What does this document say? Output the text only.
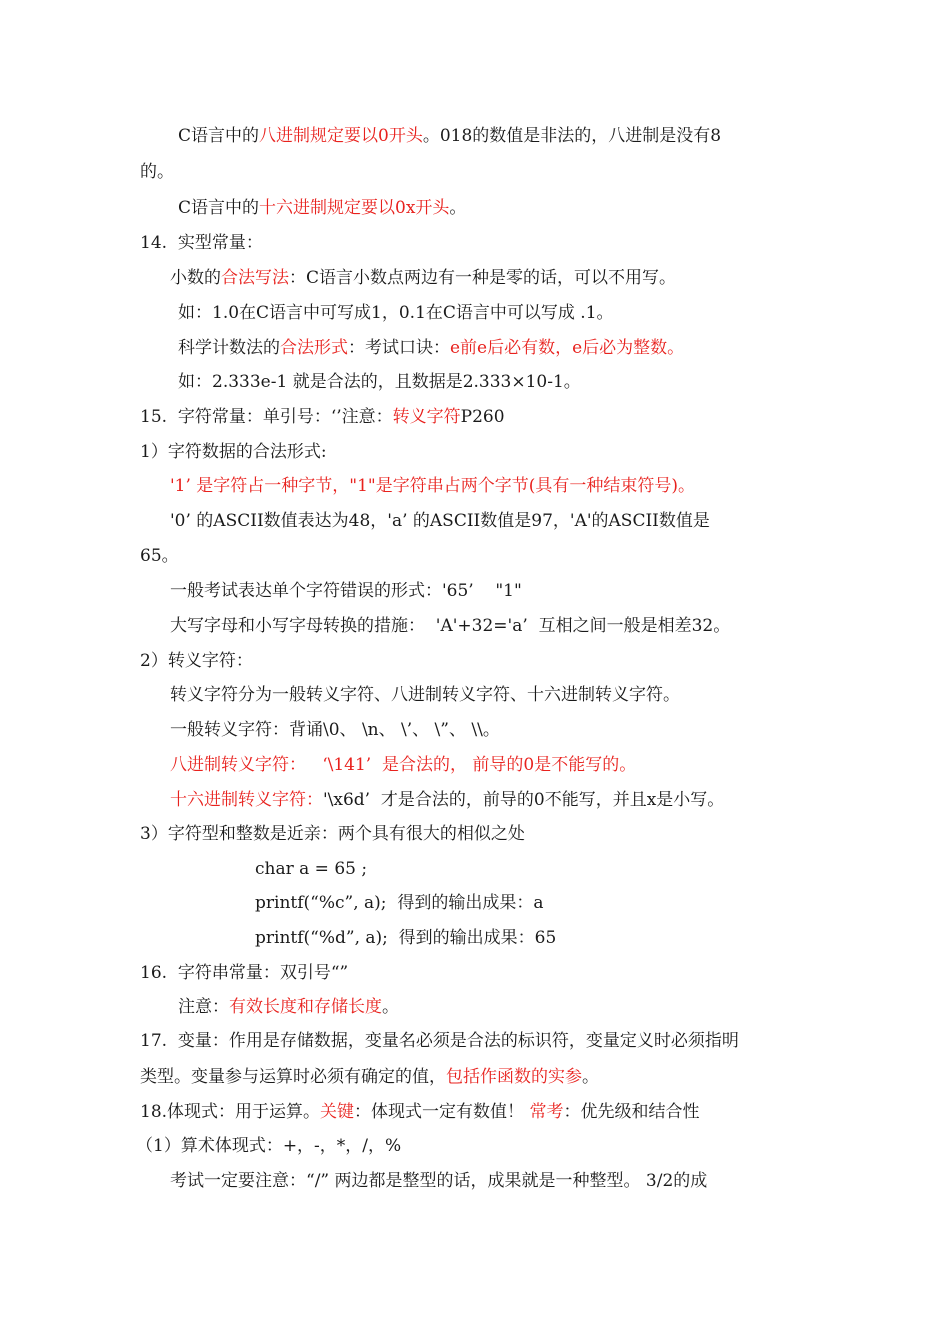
C语言中的八进制规定要以0开头。018的数值是非法的，八进制是没有8
的。
C语言中的十六进制规定要以0x开头。
14.  实型常量：
小数的合法写法：C语言小数点两边有一种是零的话，可以不用写。
如：1.0在C语言中可写成1，0.1在C语言中可以写成 .1。
科学计数法的合法形式：考试口诀：e前e后必有数，e后必为整数。
如：2.333e-1 就是合法的，且数据是2.333×10-1。
15.  字符常量：单引号：‘’注意：转义字符P260
1）字符数据的合法形式:
'1’ 是字符占一种字节，"1"是字符串占两个字节(具有一种结束符号)。
'0’ 的ASCII数值表达为48，'a’ 的ASCII数值是97，'A'的ASCII数值是
65。
一般考试表达单个字符错误的形式：'65’    "1"
大写字母和小写字母转换的措施：  'A'+32='a’  互相之间一般是相差32。
2）转义字符：
转义字符分为一般转义字符、八进制转义字符、十六进制转义字符。
一般转义字符：背诵\0、 \n、 \’、 \”、 \\。
八进制转义字符：   ‘\141’  是合法的， 前导的0是不能写的。
十六进制转义字符：'\x6d’  才是合法的，前导的0不能写，并且x是小写。
3）字符型和整数是近亲：两个具有很大的相似之处
char a = 65 ;
printf(“%c”, a);  得到的输出成果：a
printf(“%d”, a);  得到的输出成果：65
16.  字符串常量：双引号“”
注意：有效长度和存储长度。
17.  变量：作用是存储数据，变量名必须是合法的标识符，变量定义时必须指明
类型。变量参与运算时必须有确定的值，包括作函数的实参。
18.体现式：用于运算。关键：体现式一定有数值！ 常考：优先级和结合性
（1）算术体现式：+，-，*，/，%
考试一定要注意：“/” 两边都是整型的话，成果就是一种整型。 3/2的成
